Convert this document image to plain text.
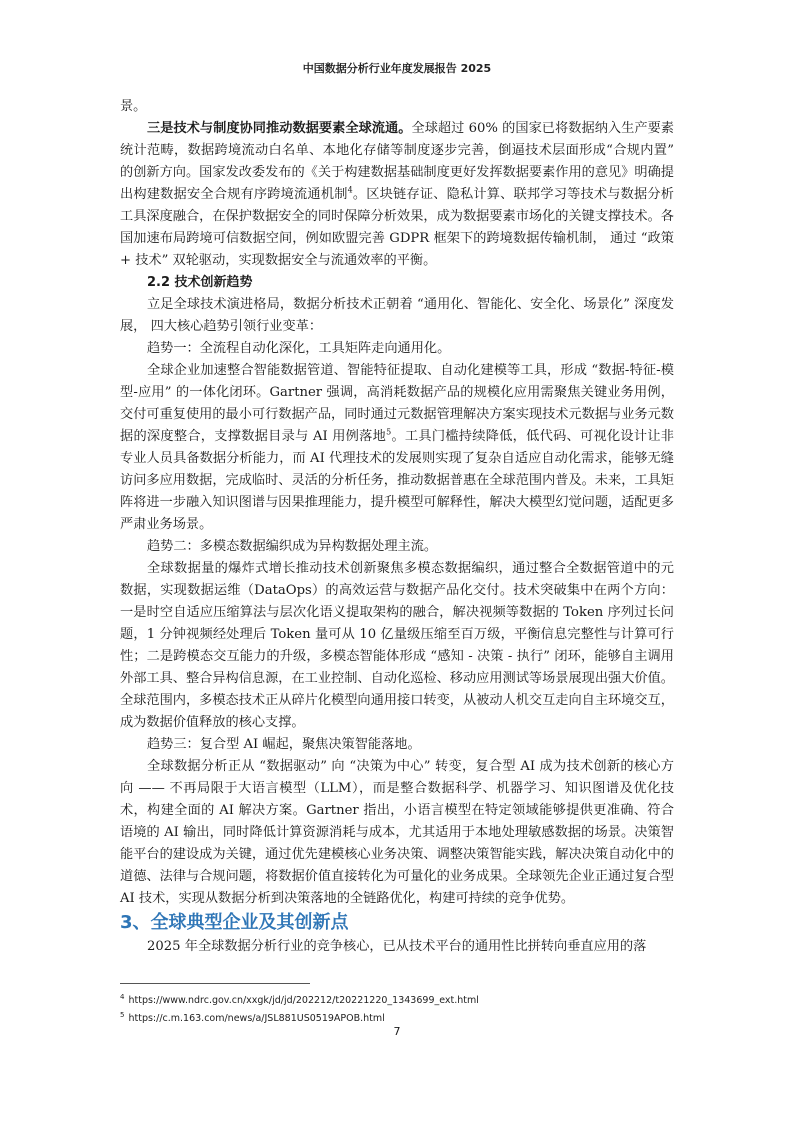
中国数据分析行业年度发展报告 2025

景。

三是技术与制度协同推动数据要素全球流通。全球超过 60% 的国家已将数据纳入生产要素统计范畴，数据跨境流动白名单、本地化存储等制度逐步完善，倒逼技术层面形成“合规内置” 的创新方向。国家发改委发布的《关于构建数据基础制度更好发挥数据要素作用的意见》明确提出构建数据安全合规有序跨境流通机制$^4$。区块链存证、隐私计算、联邦学习等技术与数据分析工具深度融合，在保护数据安全的同时保障分析效果，成为数据要素市场化的关键支撑技术。各国加速布局跨境可信数据空间，例如欧盟完善 GDPR 框架下的跨境数据传输机制， 通过 “政策 + 技术” 双轮驱动，实现数据安全与流通效率的平衡。

2.2 技术创新趋势

立足全球技术演进格局，数据分析技术正朝着 “通用化、智能化、安全化、场景化” 深度发展， 四大核心趋势引领行业变革：

趋势一：全流程自动化深化，工具矩阵走向通用化。

全球企业加速整合智能数据管道、智能特征提取、自动化建模等工具，形成 “数据-特征-模型-应用” 的一体化闭环。Gartner 强调，高消耗数据产品的规模化应用需聚焦关键业务用例，交付可重复使用的最小可行数据产品，同时通过元数据管理解决方案实现技术元数据与业务元数据的深度整合，支撑数据目录与 AI 用例落地$^5$。工具门槛持续降低，低代码、可视化设计让非专业人员具备数据分析能力，而 AI 代理技术的发展则实现了复杂自适应自动化需求，能够无缝访问多应用数据，完成临时、灵活的分析任务，推动数据普惠在全球范围内普及。未来，工具矩阵将进一步融入知识图谱与因果推理能力，提升模型可解释性，解决大模型幻觉问题，适配更多严肃业务场景。

趋势二：多模态数据编织成为异构数据处理主流。

全球数据量的爆炸式增长推动技术创新聚焦多模态数据编织，通过整合全数据管道中的元数据，实现数据运维（DataOps）的高效运营与数据产品化交付。技术突破集中在两个方向：一是时空自适应压缩算法与层次化语义提取架构的融合，解决视频等数据的 Token 序列过长问题，1 分钟视频经处理后 Token 量可从 10 亿量级压缩至百万级，平衡信息完整性与计算可行性；二是跨模态交互能力的升级，多模态智能体形成 “感知 - 决策 - 执行” 闭环，能够自主调用外部工具、整合异构信息源，在工业控制、自动化巡检、移动应用测试等场景展现出强大价值。全球范围内，多模态技术正从碎片化模型向通用接口转变，从被动人机交互走向自主环境交互，成为数据价值释放的核心支撑。

趋势三：复合型 AI 崛起，聚焦决策智能落地。

全球数据分析正从 “数据驱动” 向 “决策为中心” 转变，复合型 AI 成为技术创新的核心方向 —— 不再局限于大语言模型（LLM），而是整合数据科学、机器学习、知识图谱及优化技术，构建全面的 AI 解决方案。Gartner 指出，小语言模型在特定领域能够提供更准确、符合语境的 AI 输出，同时降低计算资源消耗与成本，尤其适用于本地处理敏感数据的场景。决策智能平台的建设成为关键，通过优先建模核心业务决策、调整决策智能实践，解决决策自动化中的道德、法律与合规问题，将数据价值直接转化为可量化的业务成果。全球领先企业正通过复合型 AI 技术，实现从数据分析到决策落地的全链路优化，构建可持续的竞争优势。

3、全球典型企业及其创新点

2025 年全球数据分析行业的竞争核心，已从技术平台的通用性比拼转向垂直应用的落

$^4$ https://www.ndrc.gov.cn/xxgk/jd/jd/202212/t20221220_1343699_ext.html
$^5$ https://c.m.163.com/news/a/JSL881US0519APOB.html
7
